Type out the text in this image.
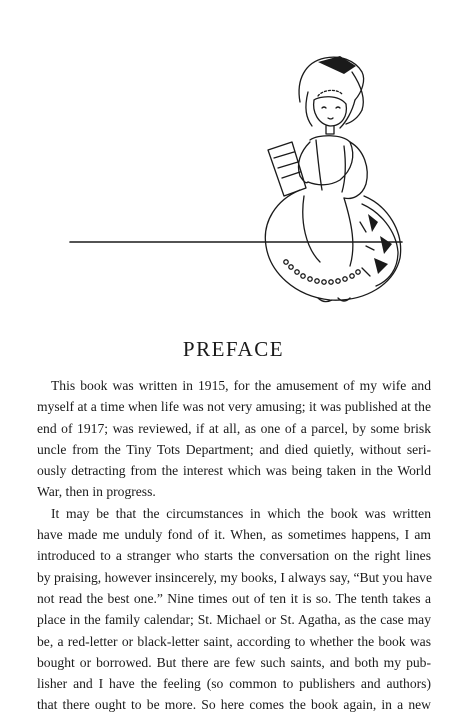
PREFACE

This book was written in 1915, for the amusement of my wife and
myself at a time when life was not very amusing; it was published at the
end of 1917; was reviewed, if at all, as one of a parcel, by some brisk
uncle from the Tiny Tots Department; and died quietly, without seri-
ously detracting from the interest which was being taken in the World
War, then in progress.

It may be that the circumstances in which the book was written
have made me unduly fond of it. When, as sometimes happens, I am
introduced to a stranger who starts the conversation on the right lines
by praising, however insincerely, my books, I always say, “But you have
not read the best one.” Nine times out of ten it is so. The tenth takes a
place in the family calendar; St. Michael or St. Agatha, as the case may
be, a red-letter or black-letter saint, according to whether the book was
bought or borrowed. But there are few such saints, and both my pub-
lisher and I have the feeling (so common to publishers and authors)
that there ought to be more. So here comes the book again, in a new
